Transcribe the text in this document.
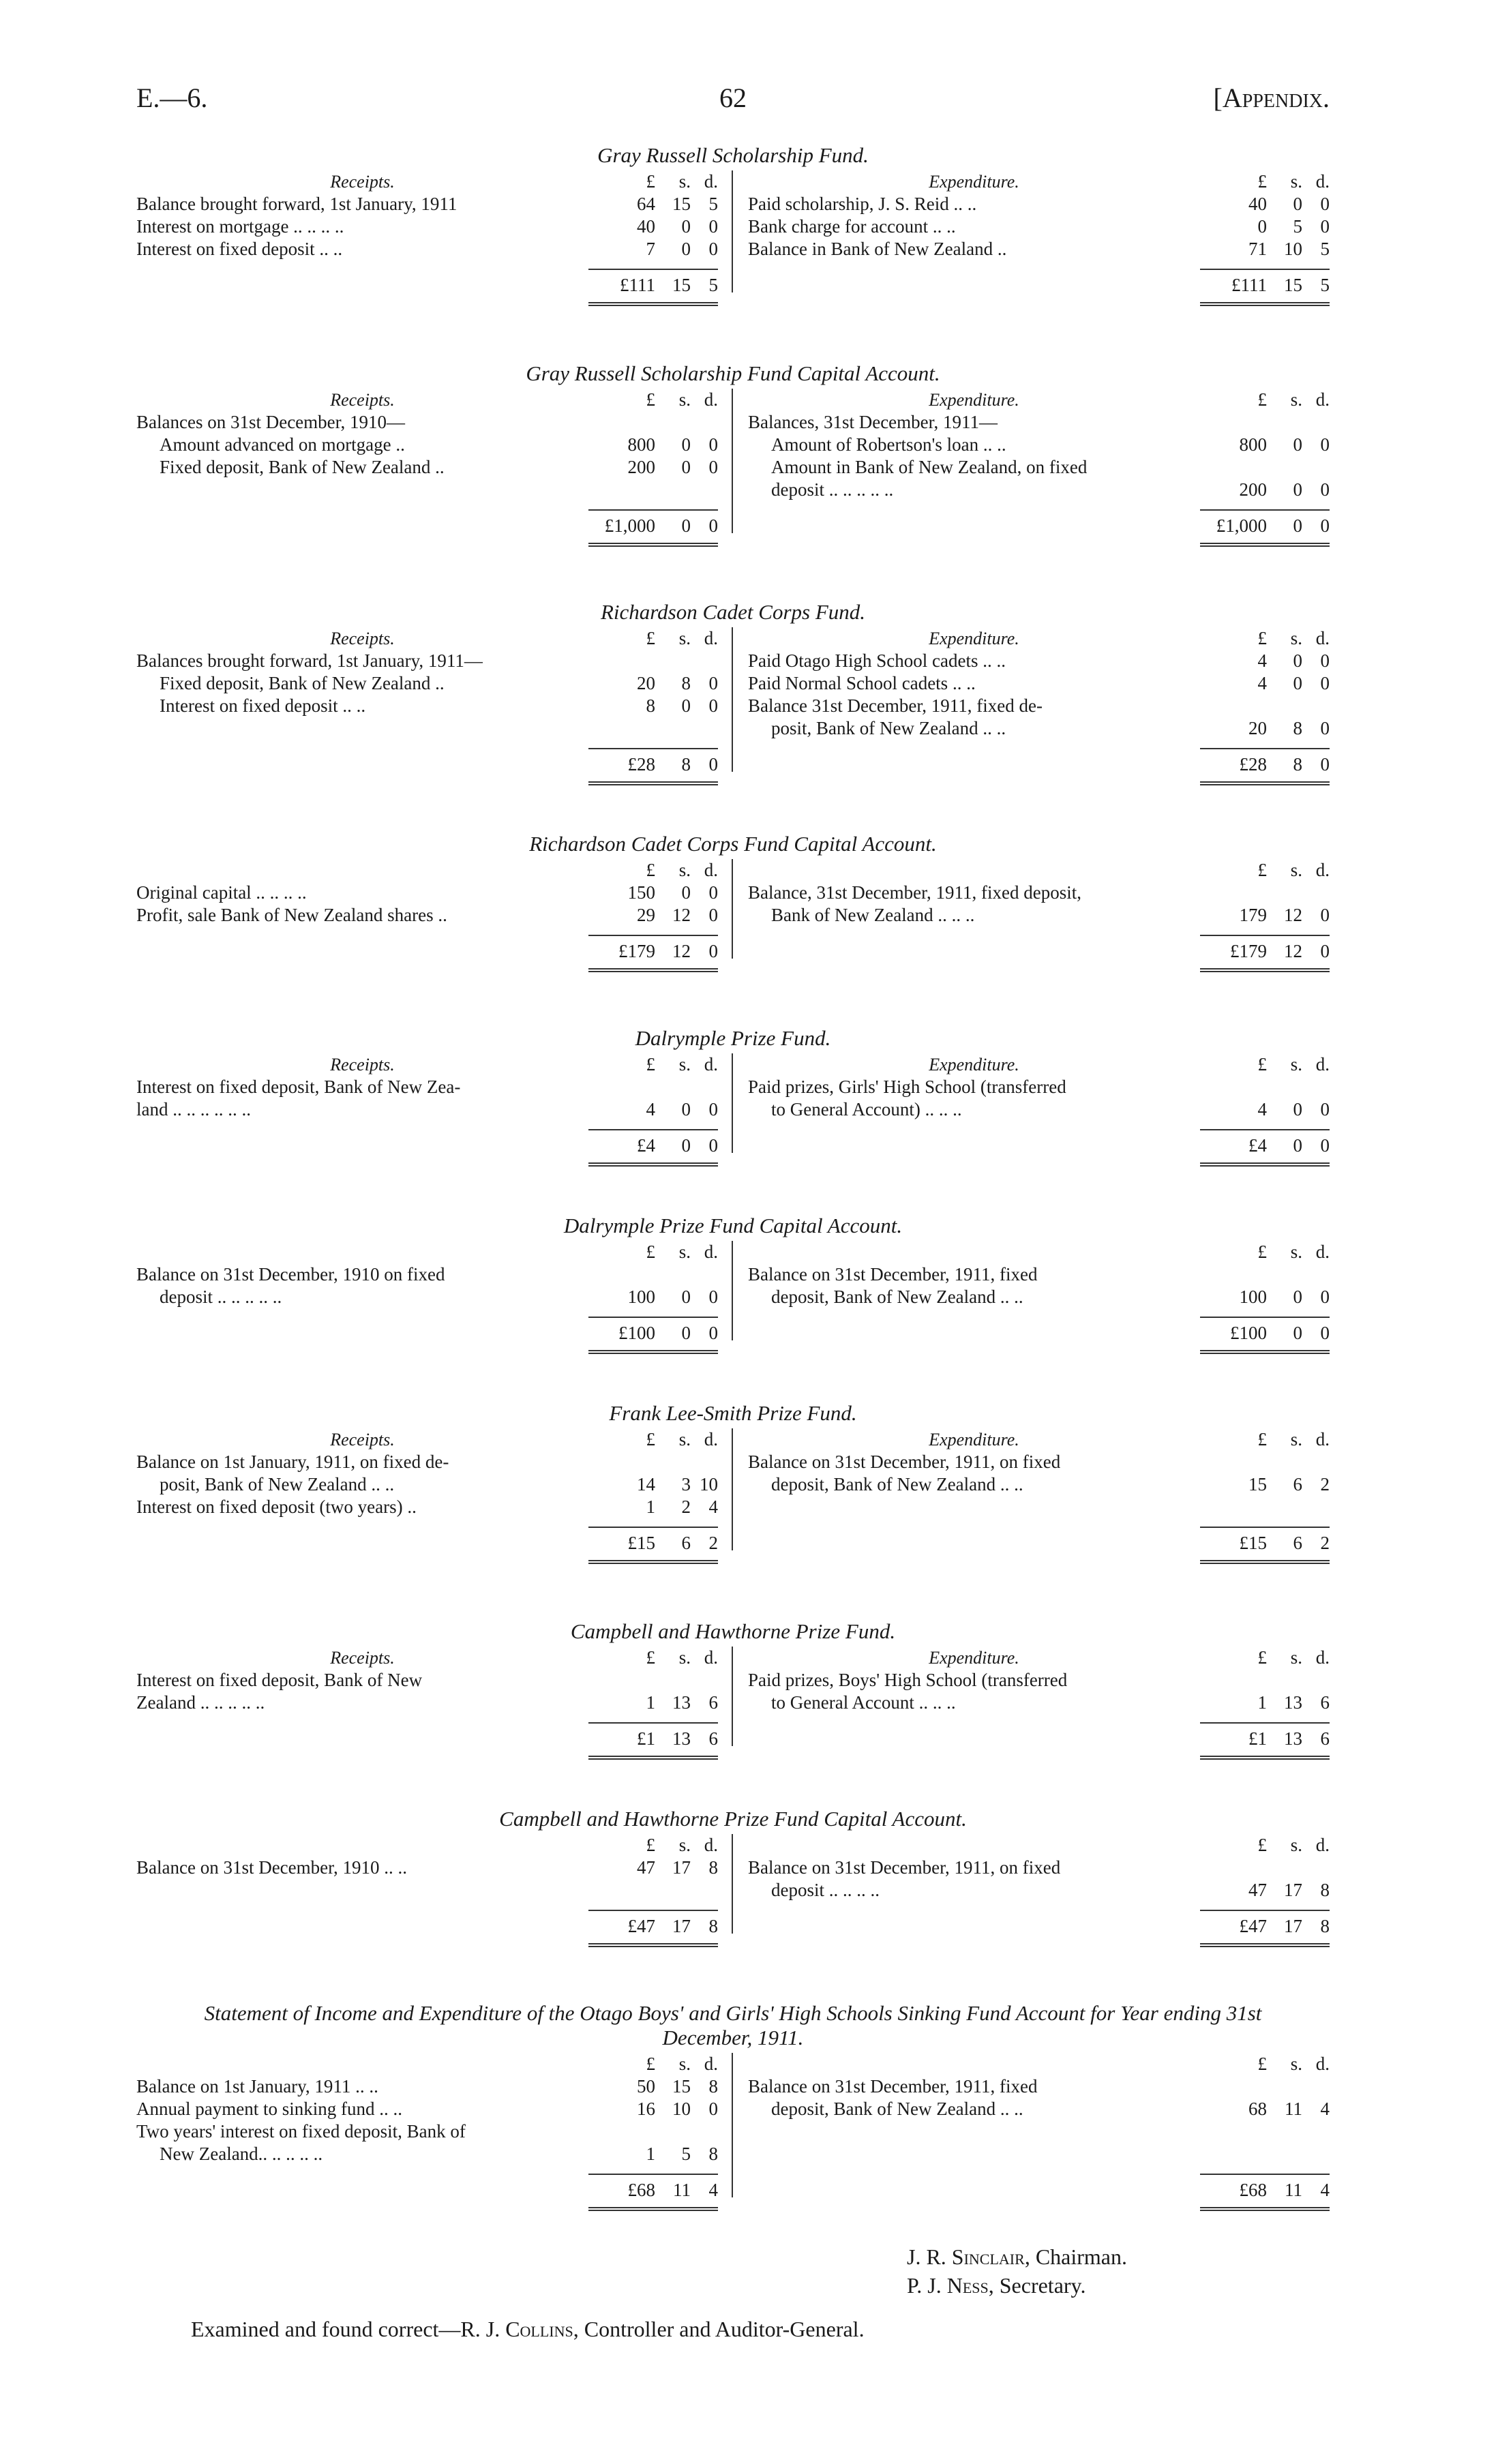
E.—6.	62	[Appendix.
Gray Russell Scholarship Fund.
Receipts.	£	s. d.
Balance brought forward, 1st January, 1911	64 15 5
Interest on mortgage .. .. .. ..	40	0 0
Interest on fixed deposit .. ..	7	0 0
£111 15 5
Expenditure.	£	s. d.
Paid scholarship, J. S. Reid .. ..	40	0 0
Bank charge for account .. ..	0	5 0
Balance in Bank of New Zealand ..	71 10 5
£111 15 5
Gray Russell Scholarship Fund Capital Account.
Receipts.	£	s. d.
Balances on 31st December, 1910—
Amount advanced on mortgage ..	800	0 0
Fixed deposit, Bank of New Zealand ..	200	0 0

£1,000	0 0
Expenditure.	£	s. d.
Balances, 31st December, 1911—
Amount of Robertson's loan .. ..	800	0 0
Amount in Bank of New Zealand, on fixed
deposit .. .. .. .. ..	200	0 0
£1,000	0 0
Richardson Cadet Corps Fund.
Receipts.	£	s. d.
Balances brought forward, 1st January, 1911—
Fixed deposit, Bank of New Zealand ..	20	8 0
Interest on fixed deposit .. ..	8	0 0

£28	8 0
Expenditure.	£	s. d.
Paid Otago High School cadets .. ..	4	0 0
Paid Normal School cadets .. ..	4	0 0
Balance 31st December, 1911, fixed de-
posit, Bank of New Zealand .. ..	20	8 0
£28	8 0
Richardson Cadet Corps Fund Capital Account.
£	s. d.
Original capital .. .. .. ..	150	0 0
Profit, sale Bank of New Zealand shares ..	29 12 0
£179 12 0
£	s. d.
Balance, 31st December, 1911, fixed deposit,
Bank of New Zealand .. .. ..	179 12 0
£179 12 0
Dalrymple Prize Fund.
Receipts.	£	s. d.
Interest on fixed deposit, Bank of New Zea-
land .. .. .. .. .. ..	4	0 0
£4	0 0
Expenditure.	£	s. d.
Paid prizes, Girls' High School (transferred
to General Account) .. .. ..	4	0 0
£4	0 0
Dalrymple Prize Fund Capital Account.
£	s. d.
Balance on 31st December, 1910 on fixed
deposit .. .. .. .. ..	100	0 0
£100	0 0
£	s. d.
Balance on 31st December, 1911, fixed
deposit, Bank of New Zealand .. ..	100	0 0
£100	0 0
Frank Lee-Smith Prize Fund.
Receipts.	£	s. d.
Balance on 1st January, 1911, on fixed de-
posit, Bank of New Zealand .. ..	14	3 10
Interest on fixed deposit (two years) ..	1	2 4
£15	6 2
Expenditure.	£	s. d.
Balance on 31st December, 1911, on fixed
deposit, Bank of New Zealand .. ..	15	6 2

£15	6 2
Campbell and Hawthorne Prize Fund.
Receipts.	£	s. d.
Interest on fixed deposit, Bank of New
Zealand .. .. .. .. ..	1 13 6
£1 13 6
Expenditure.	£	s. d.
Paid prizes, Boys' High School (transferred
to General Account .. .. ..	1 13 6
£1 13 6
Campbell and Hawthorne Prize Fund Capital Account.
£	s. d.
Balance on 31st December, 1910 .. ..	47 17 8

£47 17 8
£	s. d.
Balance on 31st December, 1911, on fixed
deposit .. .. .. ..	47 17 8
£47 17 8
Statement of Income and Expenditure of the Otago Boys' and Girls' High Schools Sinking Fund Account for Year ending 31st December, 1911.
£	s. d.
Balance on 1st January, 1911 .. ..	50 15 8
Annual payment to sinking fund .. ..	16 10 0
Two years' interest on fixed deposit, Bank of
New Zealand.. .. .. .. ..	1	5 8
£68 11 4
£	s. d.
Balance on 31st December, 1911, fixed
deposit, Bank of New Zealand .. ..	68 11 4

£68 11 4
J. R. Sinclair, Chairman.
P. J. Ness, Secretary.
Examined and found correct—R. J. Collins, Controller and Auditor-General.
